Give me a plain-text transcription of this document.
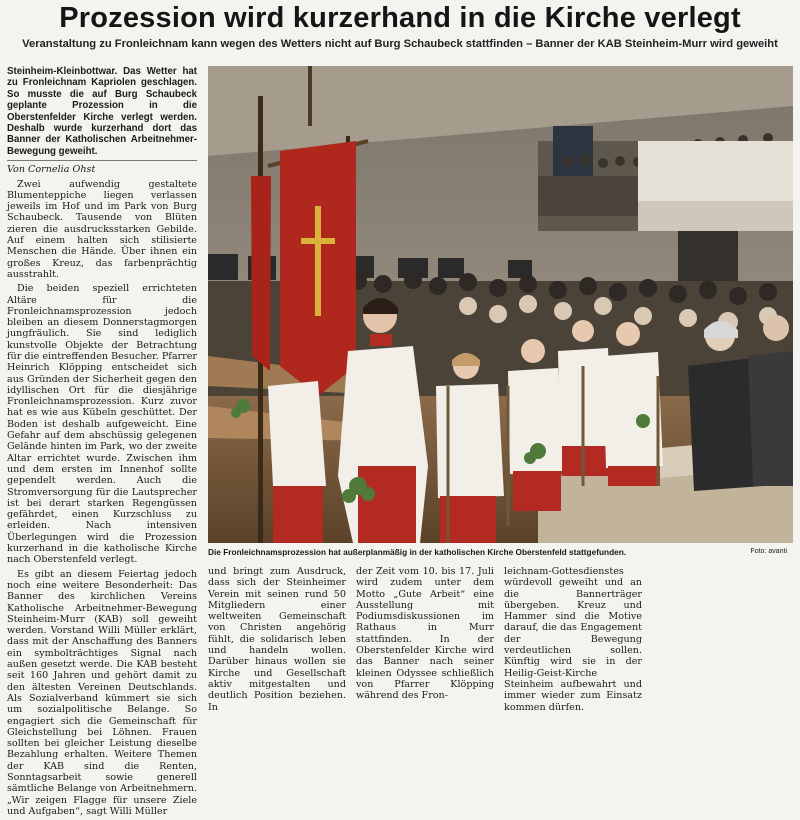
Prozession wird kurzerhand in die Kirche verlegt
Veranstaltung zu Fronleichnam kann wegen des Wetters nicht auf Burg Schaubeck stattfinden – Banner der KAB Steinheim-Murr wird geweiht

Steinheim-Kleinbottwar. Das Wetter hat zu Fronleichnam Kapriolen geschlagen. So musste die auf Burg Schaubeck geplante Prozession in die Oberstenfelder Kirche verlegt werden. Deshalb wurde kurzerhand dort das Banner der Katholischen Arbeitnehmer-Bewegung geweiht.

Von Cornelia Ohst

Zwei aufwendig gestaltete Blumenteppiche liegen verlassen jeweils im Hof und im Park von Burg Schaubeck. Tausende von Blüten zieren die ausdrucksstarken Gebilde. Auf einem halten sich stilisierte Menschen die Hände. Über ihnen ein großes Kreuz, das farbenprächtig ausstrahlt.

Die beiden speziell errichteten Altäre für die Fronleichnamsprozession jedoch bleiben an diesem Donnerstagmorgen jungfräulich. Sie sind lediglich kunstvolle Objekte der Betrachtung für die eintreffenden Besucher. Pfarrer Heinrich Klöpping entscheidet sich aus Gründen der Sicherheit gegen den idyllischen Ort für die diesjährige Fronleichnamsprozession. Kurz zuvor hat es wie aus Kübeln geschüttet. Der Boden ist deshalb aufgeweicht. Eine Gefahr auf dem abschüssig gelegenen Gelände hinten im Park, wo der zweite Altar errichtet wurde. Zwischen ihm und dem ersten im Innenhof sollte gependelt werden. Auch die Stromversorgung für die Lautsprecher ist bei derart starken Regengüssen gefährdet, einen Kurzschluss zu erleiden. Nach intensiven Überlegungen wird die Prozession kurzerhand in die katholische Kirche nach Oberstenfeld verlegt.

Es gibt an diesem Feiertag jedoch noch eine weitere Besonderheit: Das Banner des kirchlichen Vereins Katholische Arbeitnehmer-Bewegung Steinheim-Murr (KAB) soll geweiht werden. Vorstand Willi Müller erklärt, dass mit der Anschaffung des Banners ein symbolträchtiges Signal nach außen gesetzt werde. Die KAB besteht seit 160 Jahren und gehört damit zu den ältesten Vereinen Deutschlands. Als Sozialverband kümmert sie sich um sozialpolitische Belange. So engagiert sich die Gemeinschaft für Gleichstellung bei Löhnen. Frauen sollten bei gleicher Leistung dieselbe Bezahlung erhalten. Weitere Themen der KAB sind die Renten, Sonntagsarbeit sowie generell sämtliche Belange von Arbeitnehmern. „Wir zeigen Flagge für unsere Ziele und Aufgaben“, sagt Willi Müller

Die Fronleichnamsprozession hat außerplanmäßig in der katholischen Kirche Oberstenfeld stattgefunden.	Foto: avanti

und bringt zum Ausdruck, dass sich der Steinheimer Verein mit seinen rund 50 Mitgliedern einer weltweiten Gemeinschaft von Christen angehörig fühlt, die solidarisch leben und handeln wollen. Darüber hinaus wollen sie Kirche und Gesellschaft aktiv mitgestalten und deutlich Position beziehen. In

der Zeit vom 10. bis 17. Juli wird zudem unter dem Motto „Gute Arbeit“ eine Ausstellung mit Podiumsdiskussionen im Rathaus in Murr stattfinden. In der Oberstenfelder Kirche wird das Banner nach seiner kleinen Odyssee schließlich von Pfarrer Klöpping während des Fron-

leichnam-Gottesdienstes würdevoll geweiht und an die Bannerträger übergeben. Kreuz und Hammer sind die Motive darauf, die das Engagement der Bewegung verdeutlichen sollen. Künftig wird sie in der Heilig-Geist-Kirche Steinheim aufbewahrt und immer wieder zum Einsatz kommen dürfen.
